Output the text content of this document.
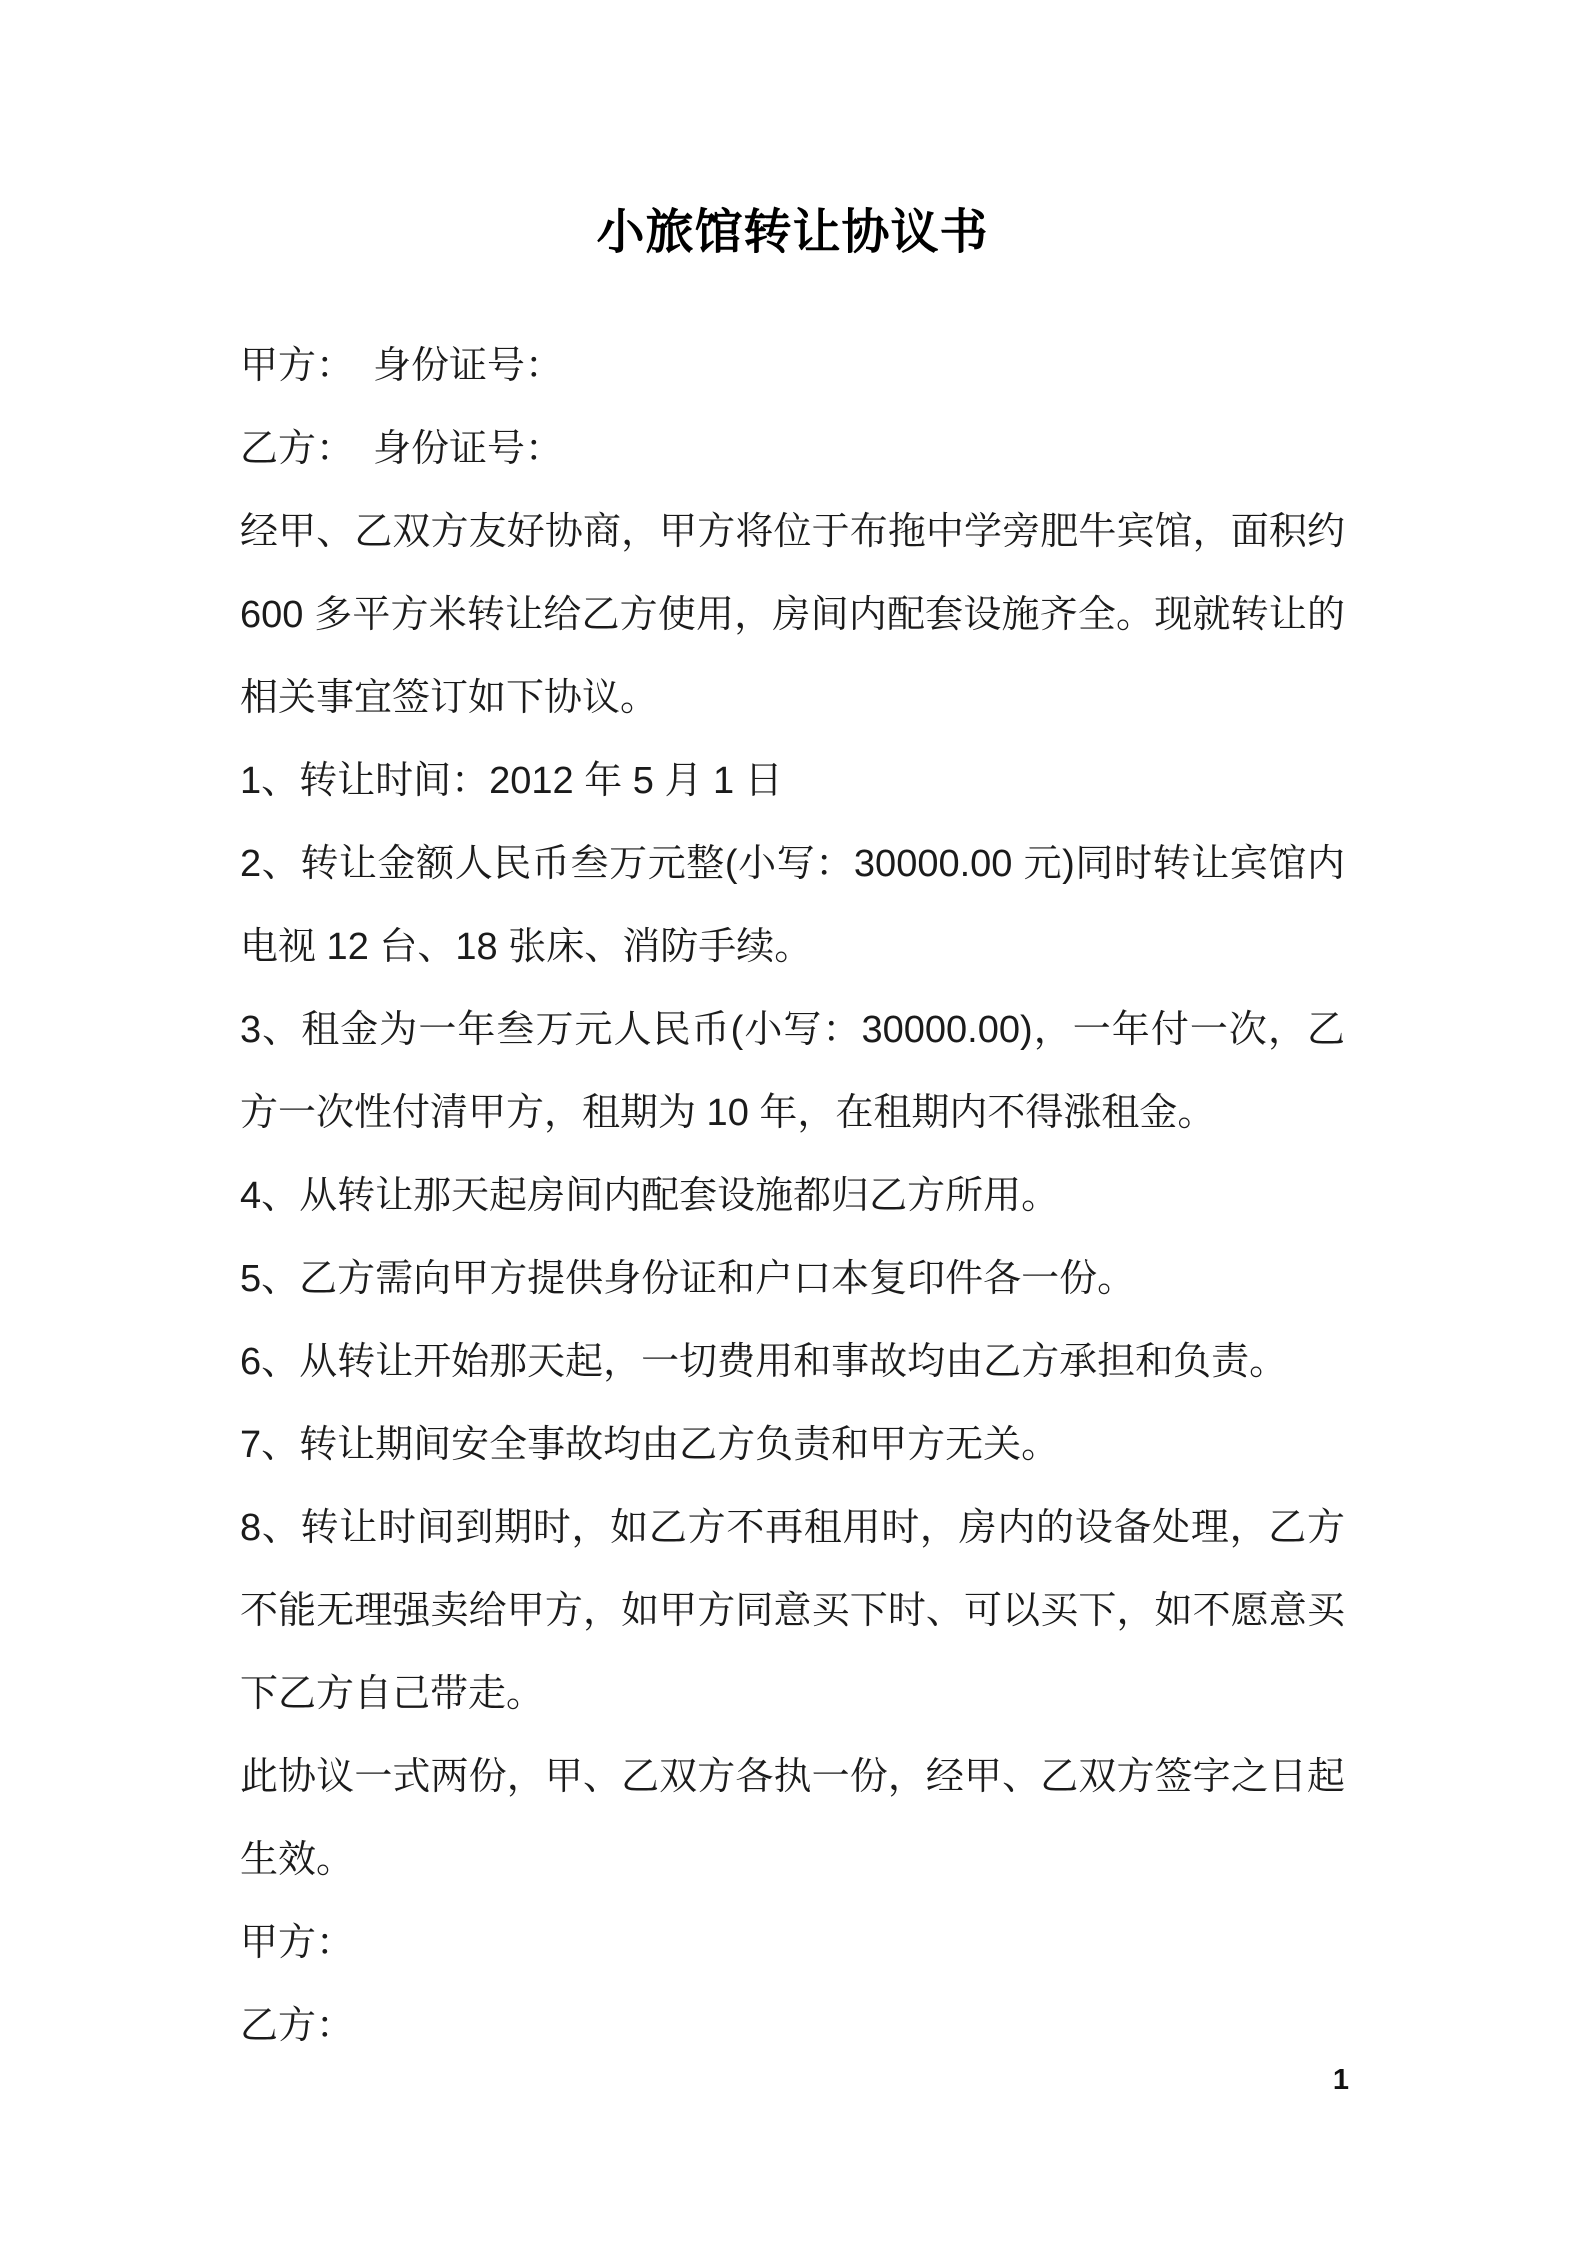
小旅馆转让协议书

甲方：　身份证号：

乙方：　身份证号：

经甲、乙双方友好协商，甲方将位于布拖中学旁肥牛宾馆，面积约 600 多平方米转让给乙方使用，房间内配套设施齐全。现就转让的相关事宜签订如下协议。

1、转让时间：2012 年 5 月 1 日

2、转让金额人民币叁万元整(小写：30000.00 元)同时转让宾馆内电视 12 台、18 张床、消防手续。

3、租金为一年叁万元人民币(小写：30000.00)，一年付一次，乙方一次性付清甲方，租期为 10 年，在租期内不得涨租金。

4、从转让那天起房间内配套设施都归乙方所用。

5、乙方需向甲方提供身份证和户口本复印件各一份。

6、从转让开始那天起，一切费用和事故均由乙方承担和负责。

7、转让期间安全事故均由乙方负责和甲方无关。

8、转让时间到期时，如乙方不再租用时，房内的设备处理，乙方不能无理强卖给甲方，如甲方同意买下时、可以买下，如不愿意买下乙方自己带走。

此协议一式两份，甲、乙双方各执一份，经甲、乙双方签字之日起生效。

甲方：

乙方：

1
